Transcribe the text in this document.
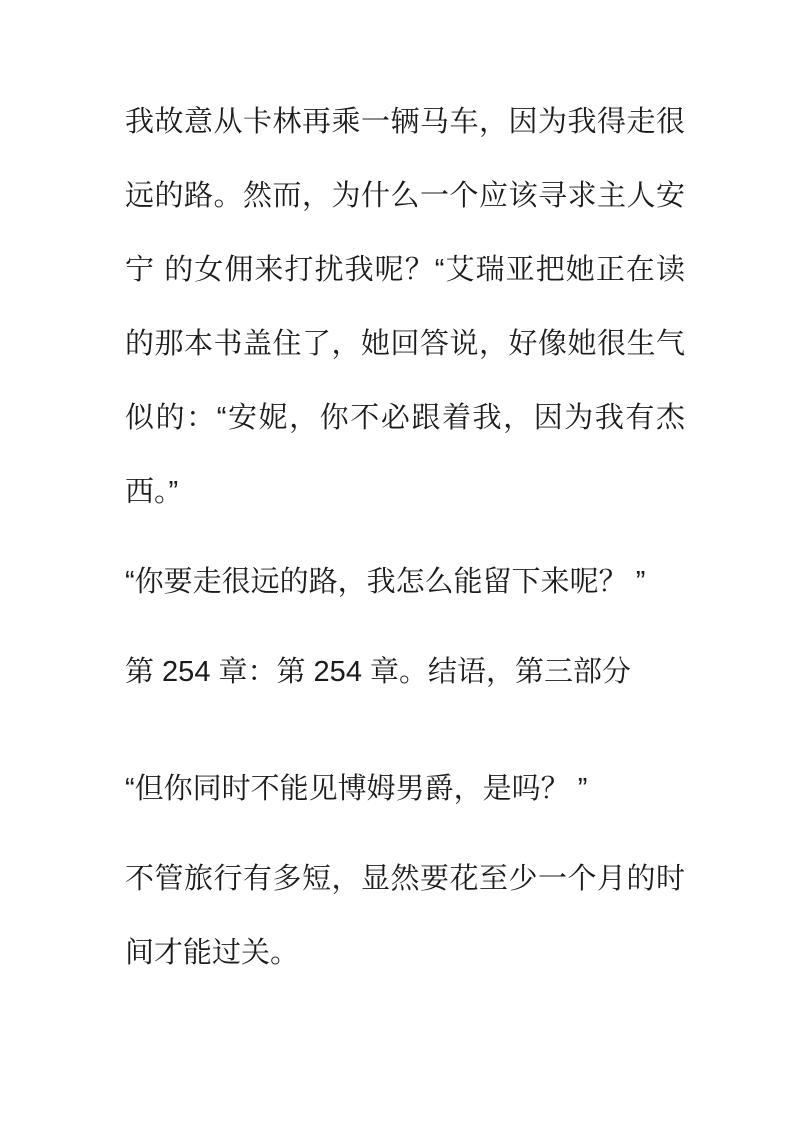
我故意从卡林再乘一辆马车，因为我得走很远的路。然而，为什么一个应该寻求主人安宁 的女佣来打扰我呢？“艾瑞亚把她正在读的那本书盖住了，她回答说，好像她很生气似的：“安妮，你不必跟着我，因为我有杰西。”

“你要走很远的路，我怎么能留下来呢？ ”

第 254 章：第 254 章。结语，第三部分

“但你同时不能见博姆男爵，是吗？ ”

不管旅行有多短，显然要花至少一个月的时间才能过关。
